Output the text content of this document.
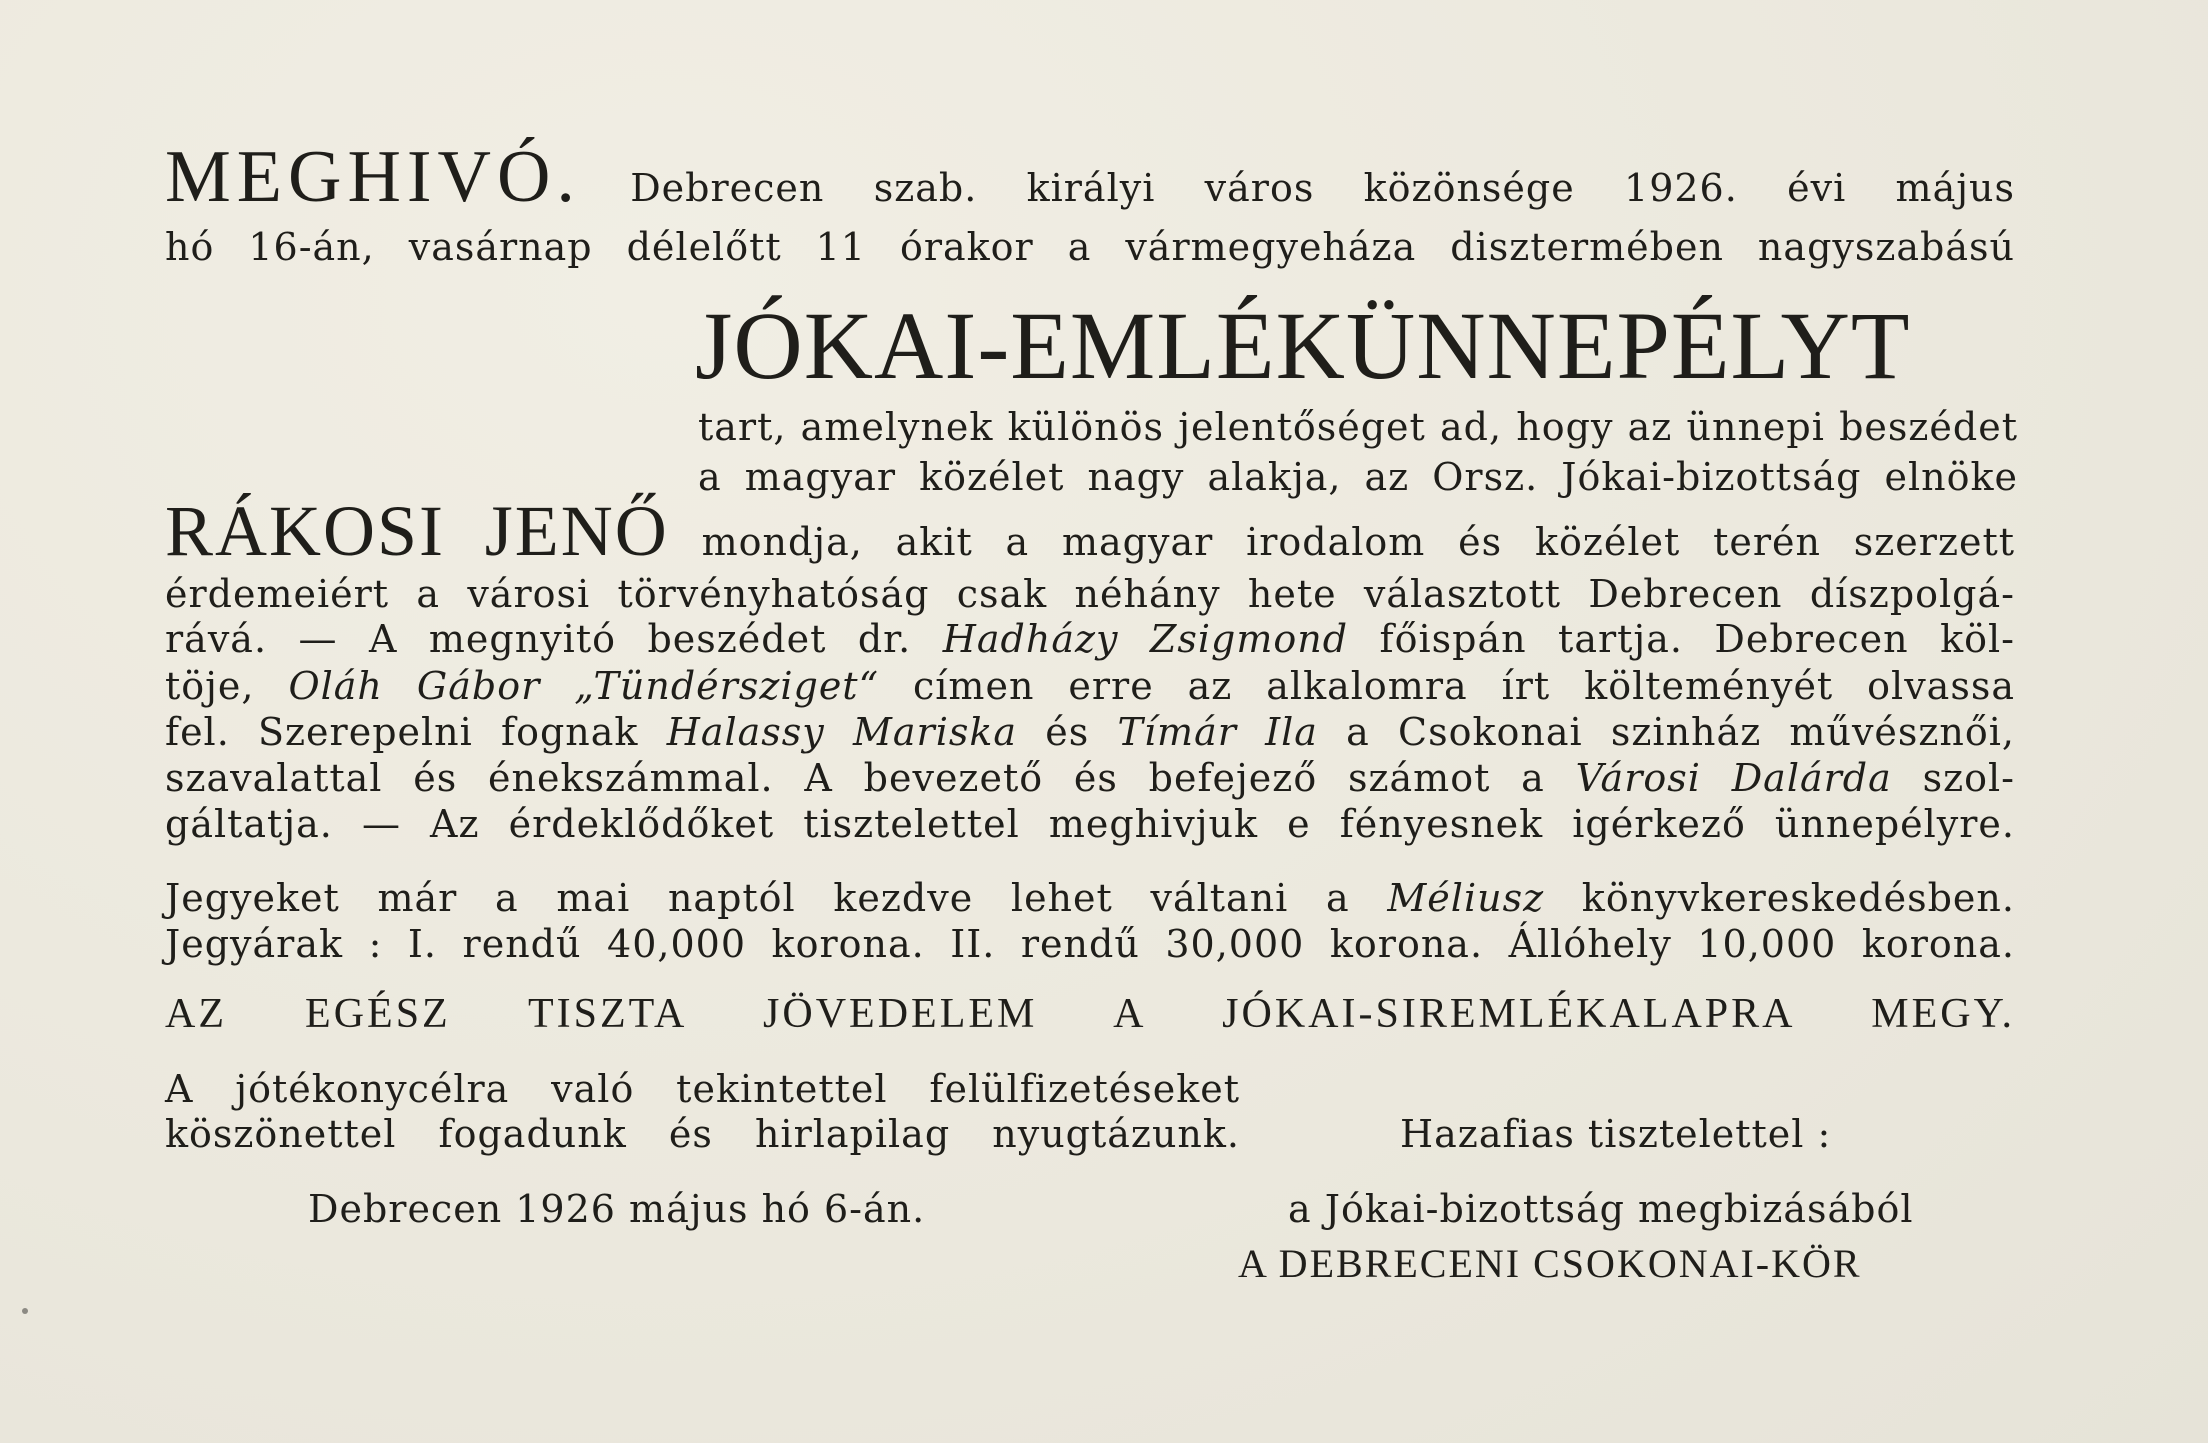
MEGHIVÓ. Debrecen szab. királyi város közönsége 1926. évi május
hó 16-án, vasárnap délelőtt 11 órakor a vármegyeháza disztermében nagyszabású
JÓKAI-EMLÉKÜNNEPÉLYT
tart, amelynek különös jelentőséget ad, hogy az ünnepi beszédet
a magyar közélet nagy alakja, az Orsz. Jókai-bizottság elnöke
RÁKOSI JENŐ mondja, akit a magyar irodalom és közélet terén szerzett
érdemeiért a városi törvényhatóság csak néhány hete választott Debrecen díszpolgá-
rává. — A megnyitó beszédet dr. Hadházy Zsigmond főispán tartja. Debrecen köl-
töje, Oláh Gábor „Tündérsziget“ címen erre az alkalomra írt költeményét olvassa
fel. Szerepelni fognak Halassy Mariska és Tímár Ila a Csokonai szinház művésznői,
szavalattal és énekszámmal. A bevezető és befejező számot a Városi Dalárda szol-
gáltatja. — Az érdeklődőket tisztelettel meghivjuk e fényesnek igérkező ünnepélyre.
Jegyeket már a mai naptól kezdve lehet váltani a Méliusz könyvkereskedésben.
Jegyárak : I. rendű 40,000 korona. II. rendű 30,000 korona. Állóhely 10,000 korona.
AZ EGÉSZ TISZTA JÖVEDELEM A JÓKAI-SIREMLÉKALAPRA MEGY.
A jótékonycélra való tekintettel felülfizetéseket
köszönettel fogadunk és hirlapilag nyugtázunk.	Hazafias tisztelettel :
Debrecen 1926 május hó 6-án.	a Jókai-bizottság megbizásából
A DEBRECENI CSOKONAI-KÖR
